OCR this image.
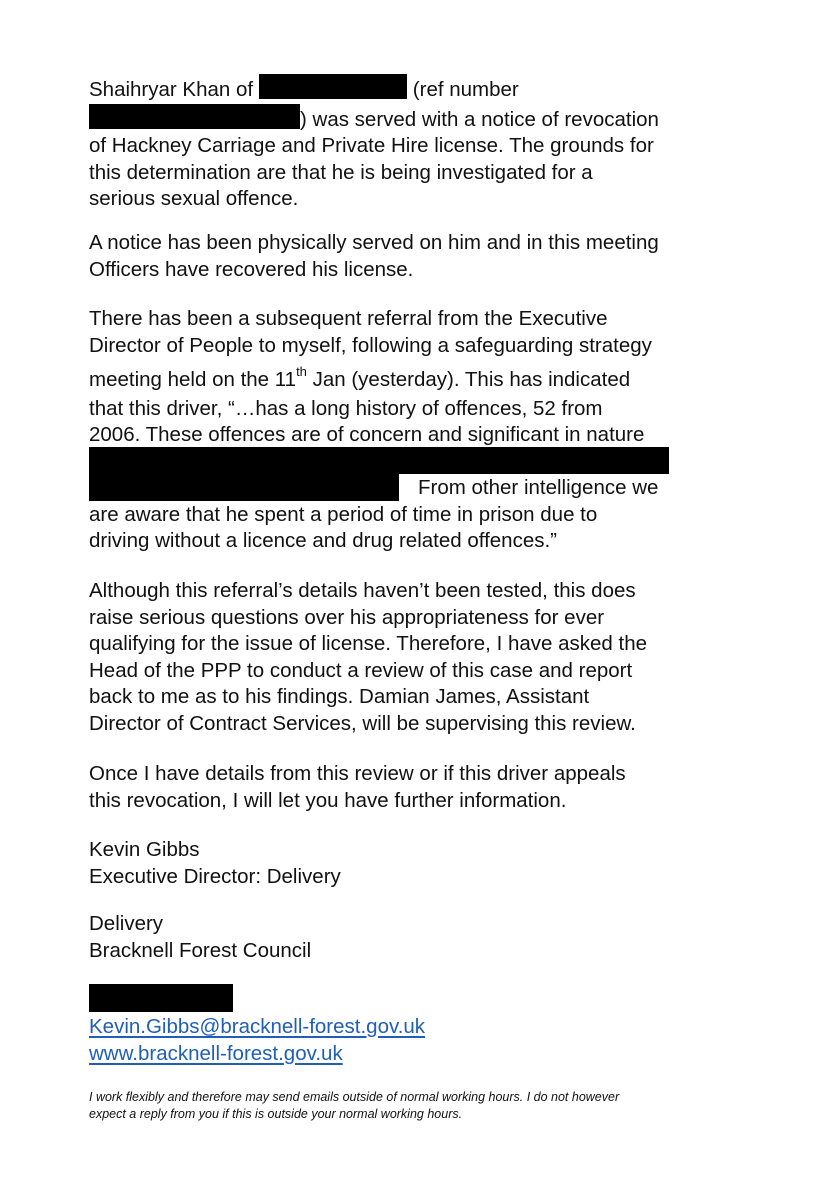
Shaihryar Khan of	(ref number
) was served with a notice of revocation
of Hackney Carriage and Private Hire license. The grounds for
this determination are that he is being investigated for a
serious sexual offence.
A notice has been physically served on him and in this meeting
Officers have recovered his license.
There has been a subsequent referral from the Executive
Director of People to myself, following a safeguarding strategy
meeting held on the 11th Jan (yesterday). This has indicated
that this driver, “…has a long history of offences, 52 from
2006. These offences are of concern and significant in nature
From other intelligence we
are aware that he spent a period of time in prison due to
driving without a licence and drug related offences.”
Although this referral’s details haven’t been tested, this does
raise serious questions over his appropriateness for ever
qualifying for the issue of license. Therefore, I have asked the
Head of the PPP to conduct a review of this case and report
back to me as to his findings. Damian James, Assistant
Director of Contract Services, will be supervising this review.
Once I have details from this review or if this driver appeals
this revocation, I will let you have further information.
Kevin Gibbs
Executive Director: Delivery
Delivery
Bracknell Forest Council
Kevin.Gibbs@bracknell-forest.gov.uk
www.bracknell-forest.gov.uk
I work flexibly and therefore may send emails outside of normal working hours. I do not however
expect a reply from you if this is outside your normal working hours.
